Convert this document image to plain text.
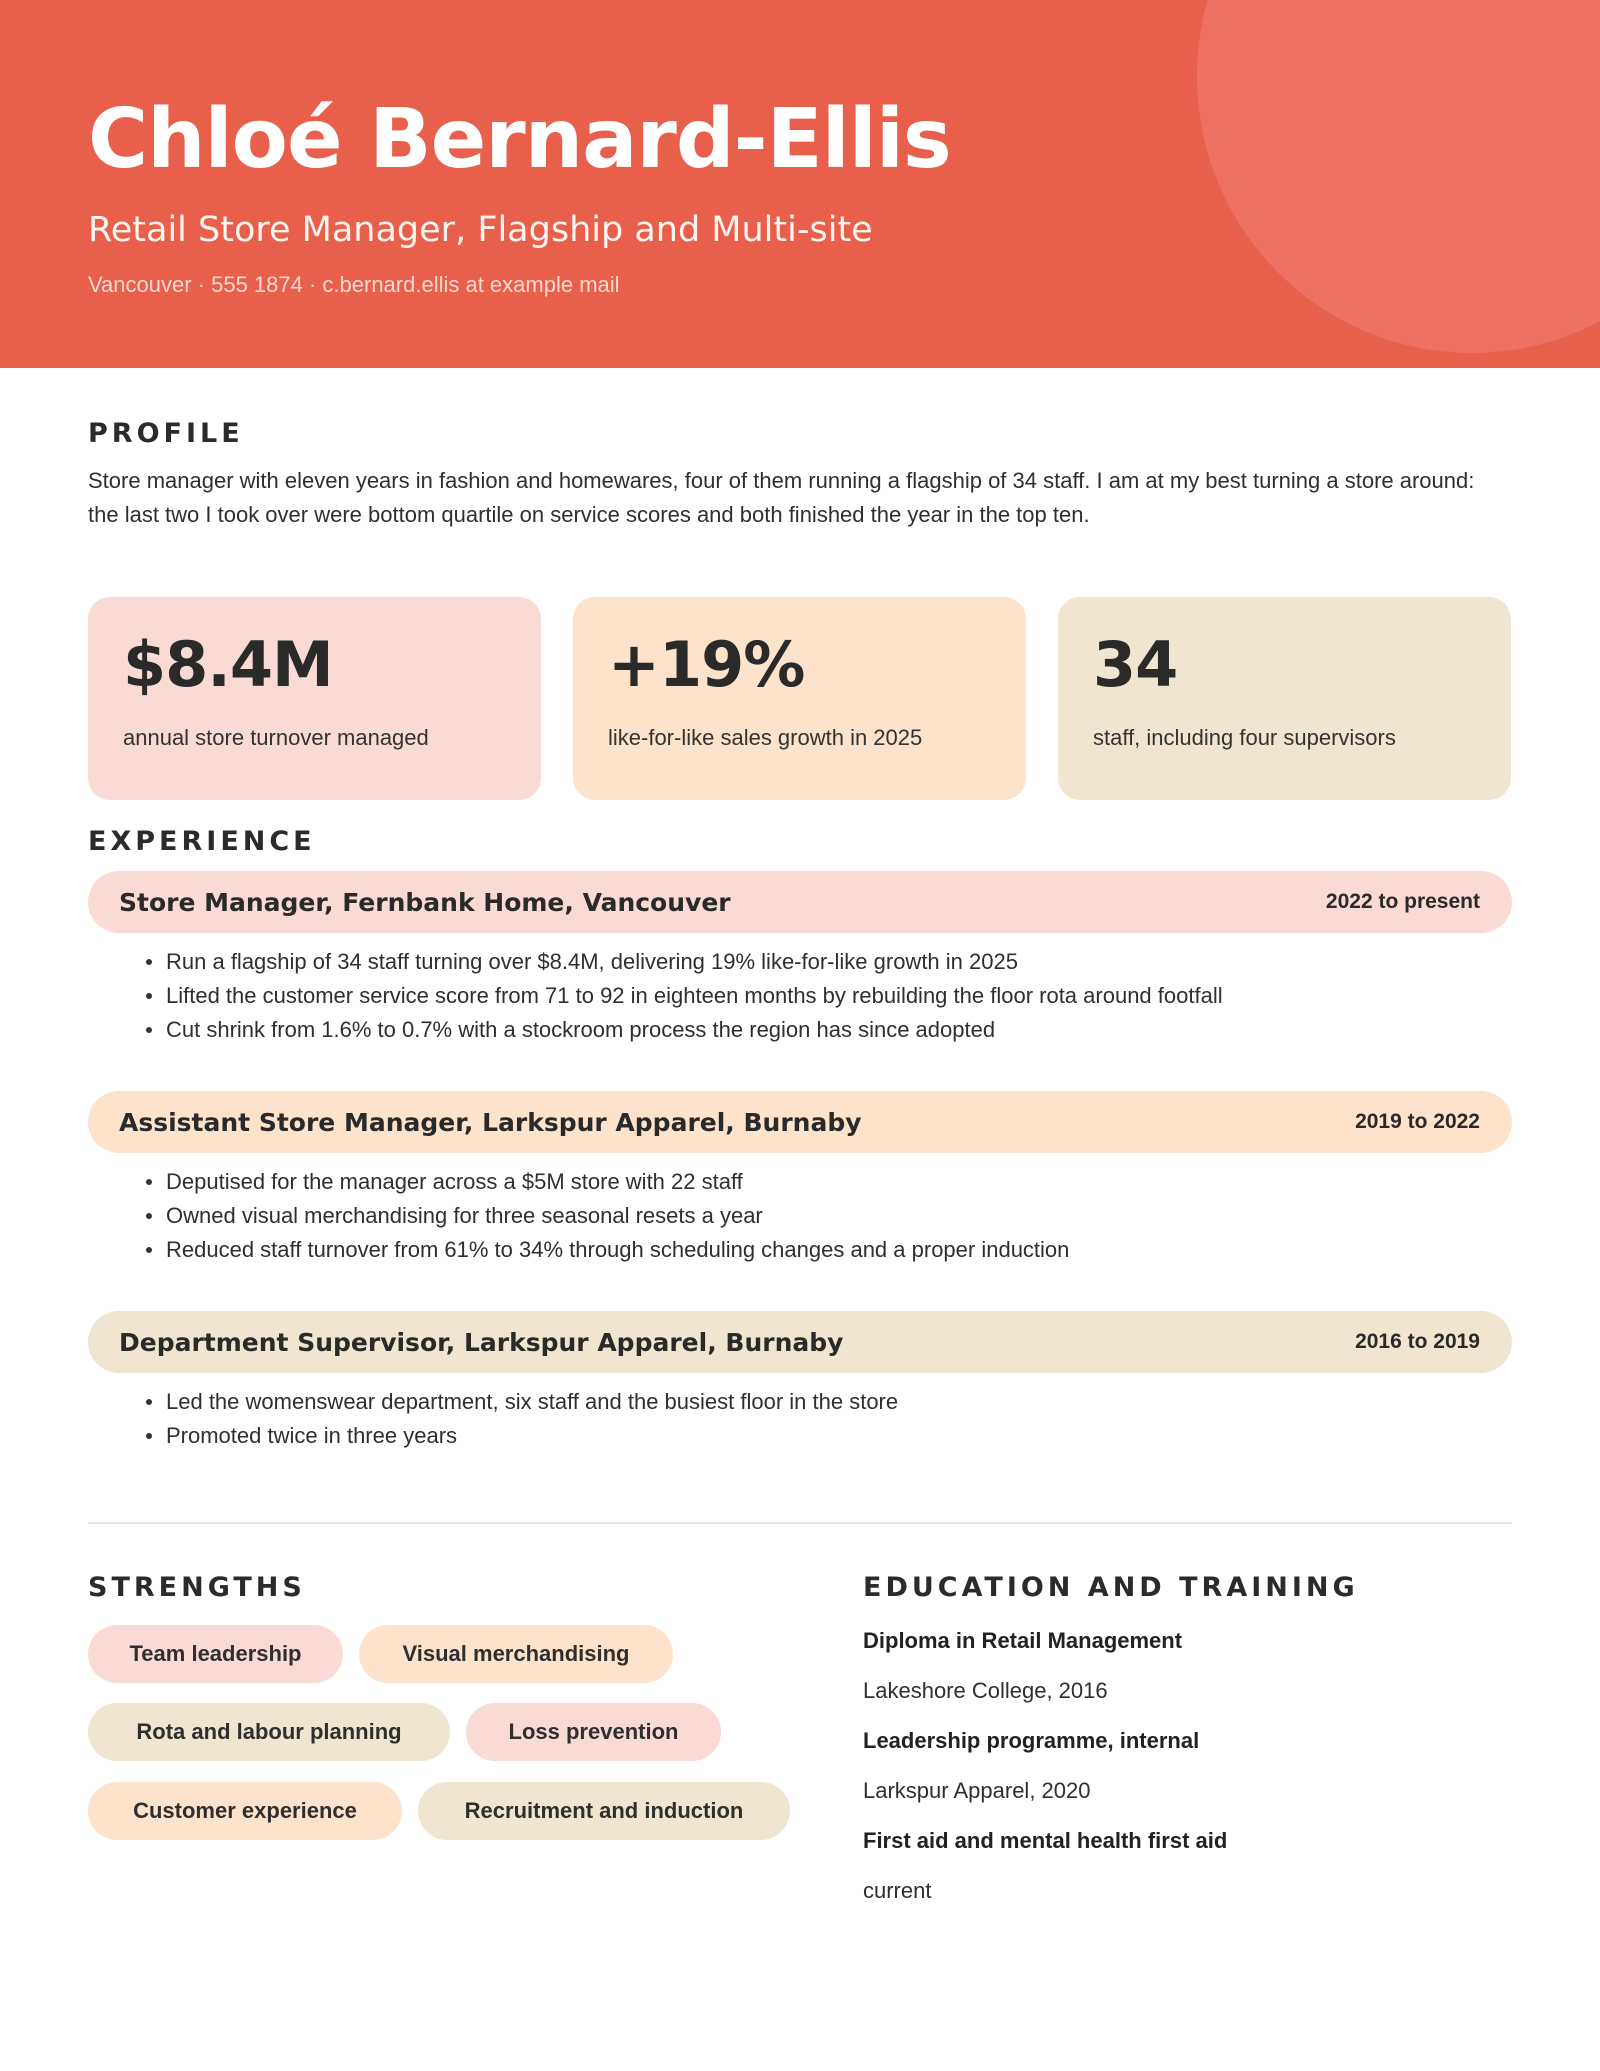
Chloé Bernard-Ellis
Retail Store Manager, Flagship and Multi-site
Vancouver · 555 1874 · c.bernard.ellis at example mail
PROFILE
Store manager with eleven years in fashion and homewares, four of them running a flagship of 34 staff. I am at my best turning a store around: the last two I took over were bottom quartile on service scores and both finished the year in the top ten.
$8.4M
annual store turnover managed
+19%
like-for-like sales growth in 2025
34
staff, including four supervisors
EXPERIENCE
Store Manager, Fernbank Home, Vancouver	2022 to present
Run a flagship of 34 staff turning over $8.4M, delivering 19% like-for-like growth in 2025
Lifted the customer service score from 71 to 92 in eighteen months by rebuilding the floor rota around footfall
Cut shrink from 1.6% to 0.7% with a stockroom process the region has since adopted
Assistant Store Manager, Larkspur Apparel, Burnaby	2019 to 2022
Deputised for the manager across a $5M store with 22 staff
Owned visual merchandising for three seasonal resets a year
Reduced staff turnover from 61% to 34% through scheduling changes and a proper induction
Department Supervisor, Larkspur Apparel, Burnaby	2016 to 2019
Led the womenswear department, six staff and the busiest floor in the store
Promoted twice in three years
STRENGTHS
Team leadership	Visual merchandising
Rota and labour planning	Loss prevention
Customer experience	Recruitment and induction
EDUCATION AND TRAINING
Diploma in Retail Management
Lakeshore College, 2016
Leadership programme, internal
Larkspur Apparel, 2020
First aid and mental health first aid
current
